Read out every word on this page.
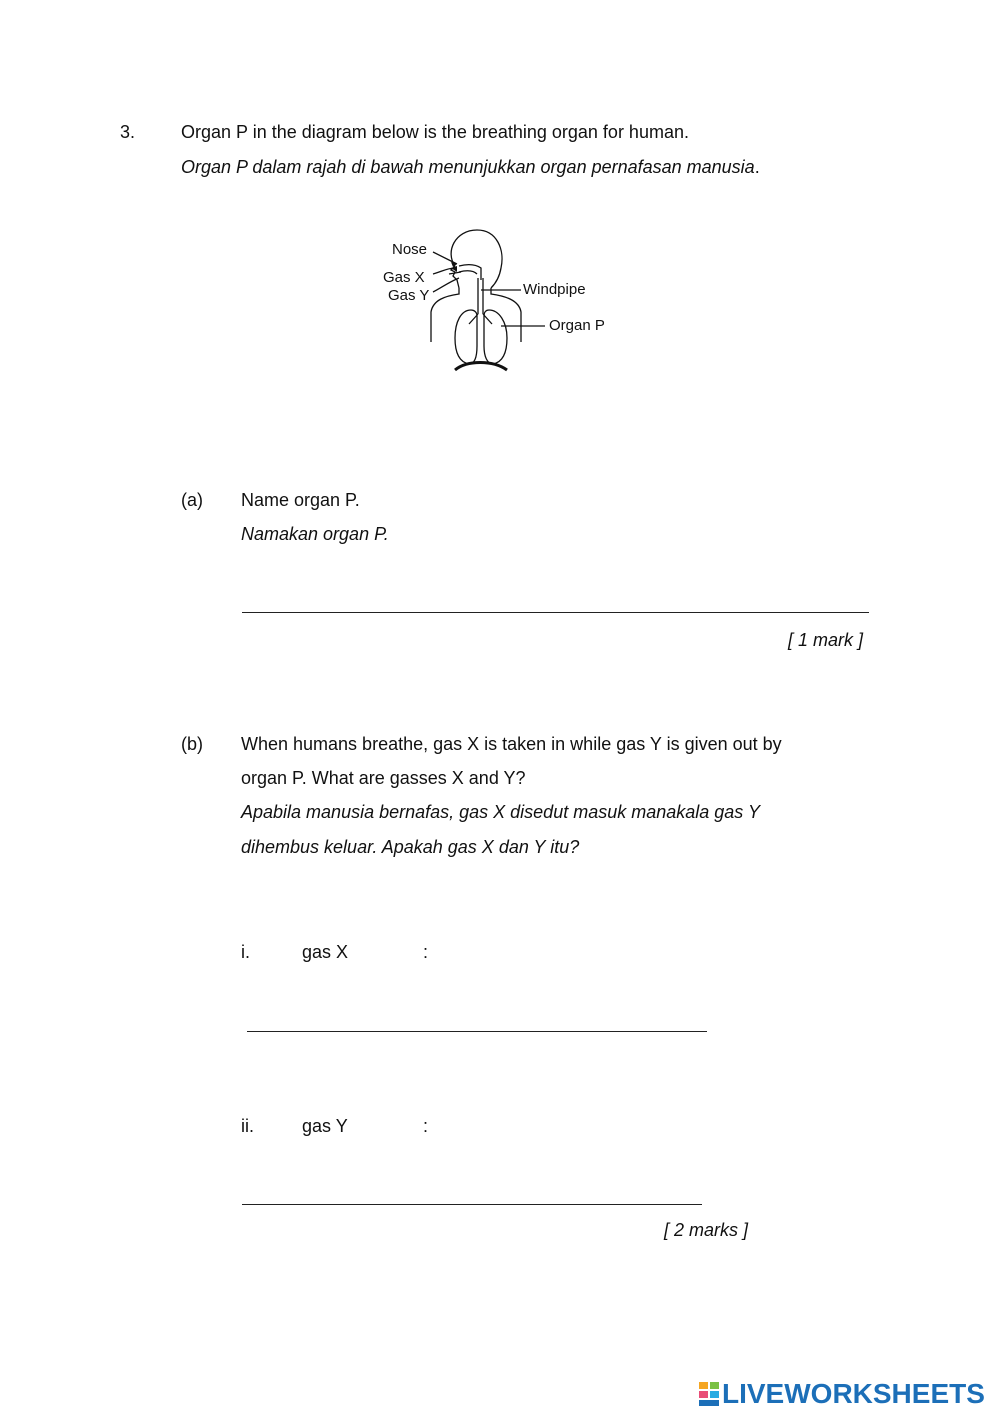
3.	Organ P in the diagram below is the breathing organ for human.
Organ P dalam rajah di bawah menunjukkan organ pernafasan manusia.
Nose
Gas X
Gas Y	Windpipe
Organ P
(a) Name organ P.
Namakan organ P.
[ 1 mark ]
(b) When humans breathe, gas X is taken in while gas Y is given out by
organ P. What are gasses X and Y?
Apabila manusia bernafas, gas X disedut masuk manakala gas Y
dihembus keluar. Apakah gas X dan Y itu?
i.	gas X	:
ii.	gas Y	:
[ 2 marks ]
LIVEWORKSHEETS
